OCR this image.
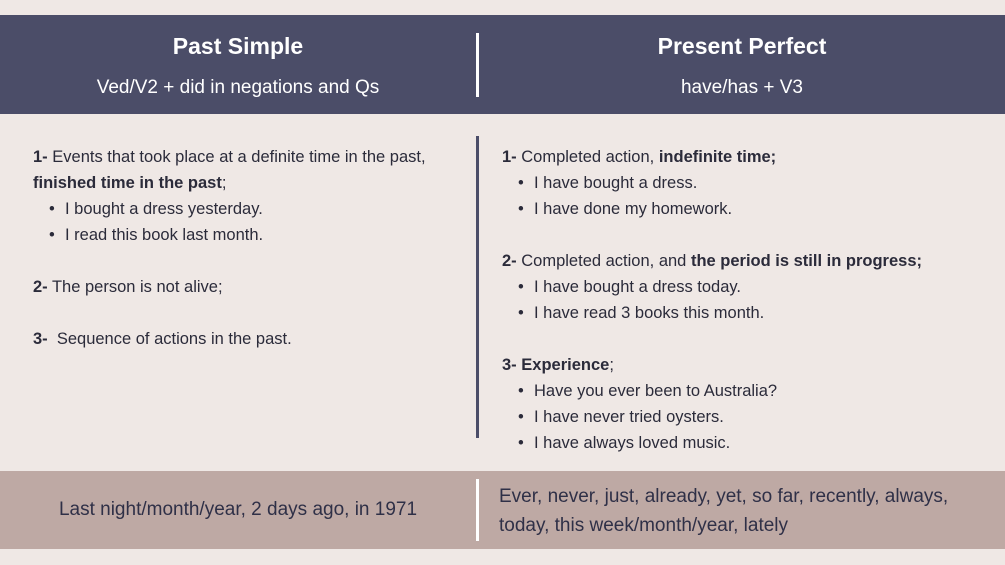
Past Simple
Ved/V2 + did in negations and Qs
Present Perfect
have/has + V3

1- Events that took place at a definite time in the past, finished time in the past;

• I bought a dress yesterday.
• I read this book last month.

2- The person is not alive;

3-  Sequence of actions in the past.

1- Completed action, indefinite time;

• I have bought a dress.
• I have done my homework.

2- Completed action, and the period is still in progress;

• I have bought a dress today.
• I have read 3 books this month.

3- Experience;

• Have you ever been to Australia?
• I have never tried oysters.
• I have always loved music.
Last night/month/year, 2 days ago, in 1971
Ever, never, just, already, yet, so far, recently, always, today, this week/month/year, lately
